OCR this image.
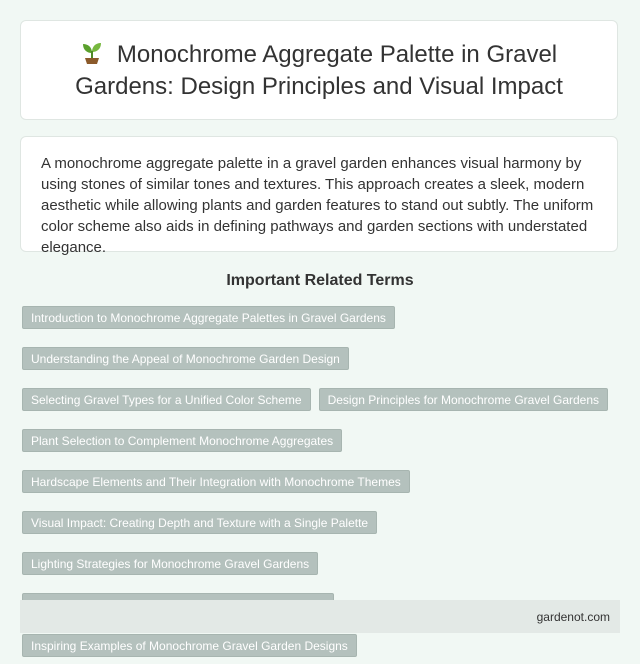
Monochrome Aggregate Palette in Gravel Gardens: Design Principles and Visual Impact

A monochrome aggregate palette in a gravel garden enhances visual harmony by using stones of similar tones and textures. This approach creates a sleek, modern aesthetic while allowing plants and garden features to stand out subtly. The uniform color scheme also aids in defining pathways and garden sections with understated elegance.

Important Related Terms
Introduction to Monochrome Aggregate Palettes in Gravel Gardens
Understanding the Appeal of Monochrome Garden Design
Selecting Gravel Types for a Unified Color Scheme	Design Principles for Monochrome Gravel Gardens
Plant Selection to Complement Monochrome Aggregates
Hardscape Elements and Their Integration with Monochrome Themes
Visual Impact: Creating Depth and Texture with a Single Palette
Lighting Strategies for Monochrome Gravel Gardens
Inspiring Examples of Monochrome Gravel Garden Designs
gardenot.com
